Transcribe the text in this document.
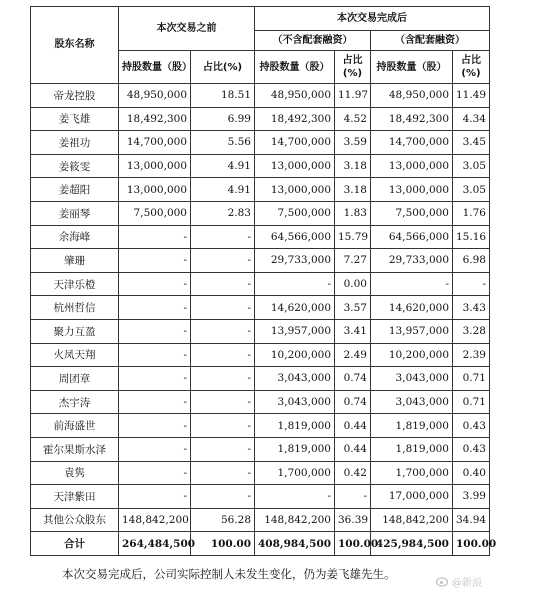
股东名称	本次交易之前		本次交易完成后			
			（不含配套融资）		（含配套融资）	
	持股数量（股）	占比(%)	持股数量（股）	占比(%)	持股数量（股）	占比(%)
帝龙控股	48,950,000	18.51	48,950,000	11.97	48,950,000	11.49
姜飞雄	18,492,300	6.99	18,492,300	4.52	18,492,300	4.34
姜祖功	14,700,000	5.56	14,700,000	3.59	14,700,000	3.45
姜筱雯	13,000,000	4.91	13,000,000	3.18	13,000,000	3.05
姜超阳	13,000,000	4.91	13,000,000	3.18	13,000,000	3.05
姜丽琴	7,500,000	2.83	7,500,000	1.83	7,500,000	1.76
余海峰	-	-	64,566,000	15.79	64,566,000	15.16
肇珊	-	-	29,733,000	7.27	29,733,000	6.98
天津乐橙	-	-	-	0.00	-	-
杭州哲信	-	-	14,620,000	3.57	14,620,000	3.43
聚力互盈	-	-	13,957,000	3.41	13,957,000	3.28
火凤天翔	-	-	10,200,000	2.49	10,200,000	2.39
周团章	-	-	3,043,000	0.74	3,043,000	0.71
杰宇涛	-	-	3,043,000	0.74	3,043,000	0.71
前海盛世	-	-	1,819,000	0.44	1,819,000	0.43
霍尔果斯水泽	-	-	1,819,000	0.44	1,819,000	0.43
袁隽	-	-	1,700,000	0.42	1,700,000	0.40
天津紫田	-	-	-	-	17,000,000	3.99
其他公众股东	148,842,200	56.28	148,842,200	36.39	148,842,200	34.94
合计	264,484,500	100.00	408,984,500	100.00	425,984,500	100.00
本次交易完成后，公司实际控制人未发生变化，仍为姜飞雄先生。
@新浪
